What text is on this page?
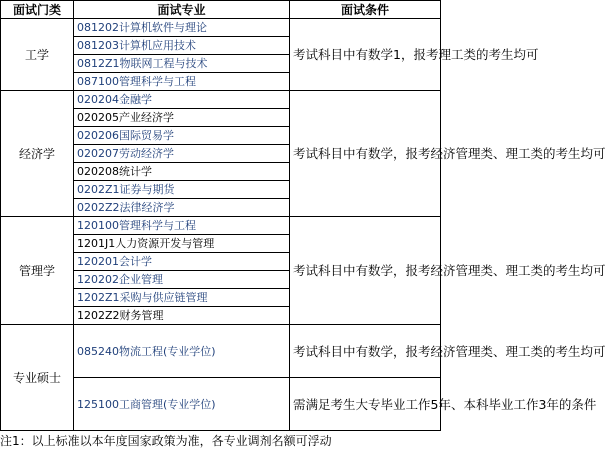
面试门类	面试专业	面试条件
工学	081202计算机软件与理论	考试科目中有数学1，报考理工类的考生均可
	081203计算机应用技术	
	0812Z1物联网工程与技术	
	087100管理科学与工程	
经济学	020204金融学	考试科目中有数学，报考经济管理类、理工类的考生均可
	020205产业经济学	
	020206国际贸易学	
	020207劳动经济学	
	020208统计学	
	0202Z1证券与期货	
	0202Z2法律经济学	
管理学	120100管理科学与工程	考试科目中有数学，报考经济管理类、理工类的考生均可
	1201J1人力资源开发与管理	
	120201会计学	
	120202企业管理	
	1202Z1采购与供应链管理	
	1202Z2财务管理	
专业硕士	085240物流工程(专业学位)	考试科目中有数学，报考经济管理类、理工类的考生均可
	125100工商管理(专业学位)	需满足考生大专毕业工作5年、本科毕业工作3年的条件
注1：以上标准以本年度国家政策为准，各专业调剂名额可浮动
